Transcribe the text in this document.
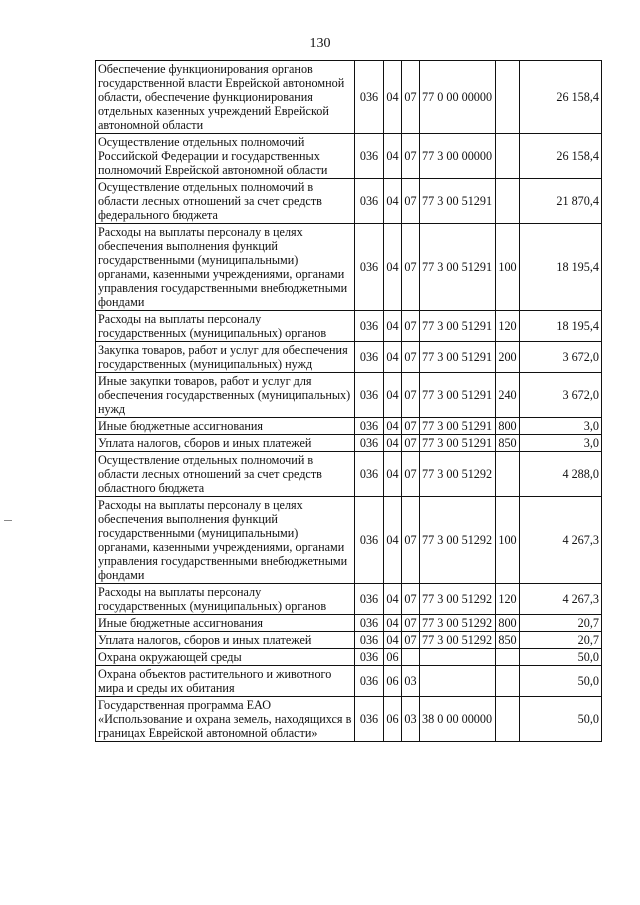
130
Обеспечение функционирования органов государственной власти Еврейской автономной области, обеспечение функционирования отдельных казенных учреждений Еврейской автономной области	036	04	07	77 0 00 00000		26 158,4
Осуществление отдельных полномочий Российской Федерации и государственных полномочий Еврейской автономной области	036	04	07	77 3 00 00000		26 158,4
Осуществление отдельных полномочий в области лесных отношений за счет средств федерального бюджета	036	04	07	77 3 00 51291		21 870,4
Расходы на выплаты персоналу в целях обеспечения выполнения функций государственными (муниципальными) органами, казенными учреждениями, органами управления государственными внебюджетными фондами	036	04	07	77 3 00 51291	100	18 195,4
Расходы на выплаты персоналу государственных (муниципальных) органов	036	04	07	77 3 00 51291	120	18 195,4
Закупка товаров, работ и услуг для обеспечения государственных (муниципальных) нужд	036	04	07	77 3 00 51291	200	3 672,0
Иные закупки товаров, работ и услуг для обеспечения государственных (муниципальных) нужд	036	04	07	77 3 00 51291	240	3 672,0
Иные бюджетные ассигнования	036	04	07	77 3 00 51291	800	3,0
Уплата налогов, сборов и иных платежей	036	04	07	77 3 00 51291	850	3,0
Осуществление отдельных полномочий в области лесных отношений за счет средств областного бюджета	036	04	07	77 3 00 51292		4 288,0
Расходы на выплаты персоналу в целях обеспечения выполнения функций государственными (муниципальными) органами, казенными учреждениями, органами управления государственными внебюджетными фондами	036	04	07	77 3 00 51292	100	4 267,3
Расходы на выплаты персоналу государственных (муниципальных) органов	036	04	07	77 3 00 51292	120	4 267,3
Иные бюджетные ассигнования	036	04	07	77 3 00 51292	800	20,7
Уплата налогов, сборов и иных платежей	036	04	07	77 3 00 51292	850	20,7
Охрана окружающей среды	036	06				50,0
Охрана объектов растительного и животного мира и среды их обитания	036	06	03			50,0
Государственная программа ЕАО «Использование и охрана земель, находящихся в границах Еврейской автономной области»	036	06	03	38 0 00 00000		50,0
